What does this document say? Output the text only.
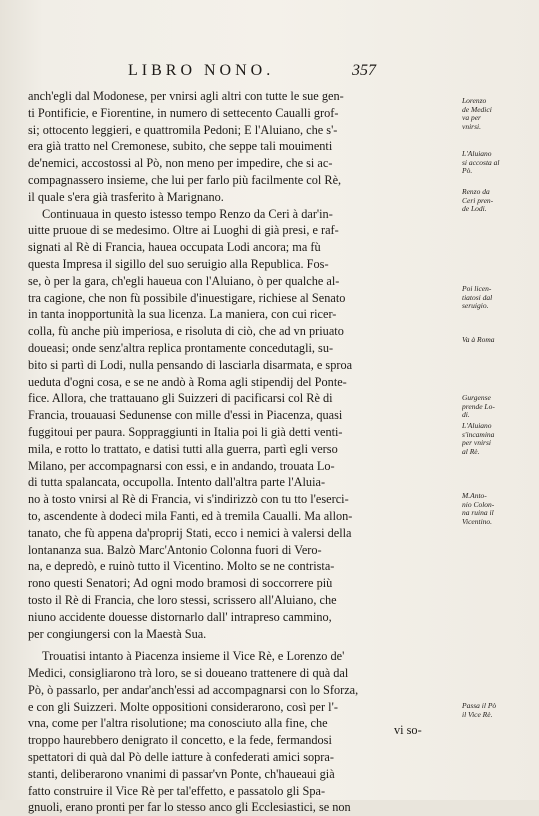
LIBRO NONO.	357

anch'egli dal Modonese, per vnirsi agli altri con tutte le sue gen-
ti Pontificie, e Fiorentine, in numero di settecento Caualli grof-
si; ottocento leggieri, e quattromila Pedoni; E l'Aluiano, che s'-
era già tratto nel Cremonese, subito, che seppe tali mouimenti
de'nemici, accostossi al Pò, non meno per impedire, che si ac-
compagnassero insieme, che lui per farlo più facilmente col Rè,
il quale s'era già trasferito à Marignano.

Continuaua in questo istesso tempo Renzo da Ceri à dar'in-
uitte pruoue di se medesimo. Oltre ai Luoghi di già presi, e raf-
signati al Rè di Francia, hauea occupata Lodi ancora; ma fù
questa Impresa il sigillo del suo seruigio alla Republica. Fos-
se, ò per la gara, ch'egli haueua con l'Aluiano, ò per qualche al-
tra cagione, che non fù possibile d'inuestigare, richiese al Senato
in tanta inopportunità la sua licenza. La maniera, con cui ricer-
colla, fù anche più imperiosa, e risoluta di ciò, che ad vn priuato
doueasi; onde senz'altra replica prontamente concedutagli, su-
bito si partì di Lodi, nulla pensando di lasciarla disarmata, e sproa
ueduta d'ogni cosa, e se ne andò à Roma agli stipendij del Ponte-
fice. Allora, che trattauano gli Suizzeri di pacificarsi col Rè di
Francia, trouauasi Sedunense con mille d'essi in Piacenza, quasi
fuggitoui per paura. Soppraggiunti in Italia poi li già detti venti-
mila, e rotto lo trattato, e datisi tutti alla guerra, partì egli verso
Milano, per accompagnarsi con essi, e in andando, trouata Lo-
di tutta spalancata, occupolla. Intento dall'altra parte l'Aluia-
no à tosto vnirsi al Rè di Francia, vi s'indirizzò con tu tto l'eserci-
to, ascendente à dodeci mila Fanti, ed à tremila Caualli. Ma allon-
tanato, che fù appena da'proprij Stati, ecco i nemici à valersi della
lontananza sua. Balzò Marc'Antonio Colonna fuori di Vero-
na, e depredò, e ruinò tutto il Vicentino. Molto se ne contrista-
rono questi Senatori; Ad ogni modo bramosi di soccorrere più
tosto il Rè di Francia, che loro stessi, scrissero all'Aluiano, che
niuno accidente douesse distornarlo dall' intrapreso cammino,
per congiungersi con la Maestà Sua.

Trouatisi intanto à Piacenza insieme il Vice Rè, e Lorenzo de'
Medici, consigliarono trà loro, se si doueano trattenere di quà dal
Pò, ò passarlo, per andar'anch'essi ad accompagnarsi con lo Sforza,
e con gli Suizzeri. Molte oppositioni considerarono, così per l'-
vna, come per l'altra risolutione; ma conosciuto alla fine, che
troppo haurebbero denigrato il concetto, e la fede, fermandosi
spettatori di quà dal Pò delle iatture à confederati amici sopra-
stanti, deliberarono vnanimi di passar'vn Ponte, ch'haueaui già
fatto construire il Vice Rè per tal'effetto, e passatolo gli Spa-
gnuoli, erano pronti per far lo stesso anco gli Ecclesiastici, se non

vi so-
Lorenzo
de Medici
va per
vnirsi.
L'Aluiano
si accosta al
Pò.
Renzo da
Ceri pren-
de Lodi.
Poi licen-
tiatosi dal
seruigio.
Va à Roma
Gurgense
prende Lo-
di.
L'Aluiano
s'incamina
per vnirsi
al Rè.
M.Anto-
nio Colon-
na ruina il
Vicentino.
Passa il Pò
il Vice Rè.
